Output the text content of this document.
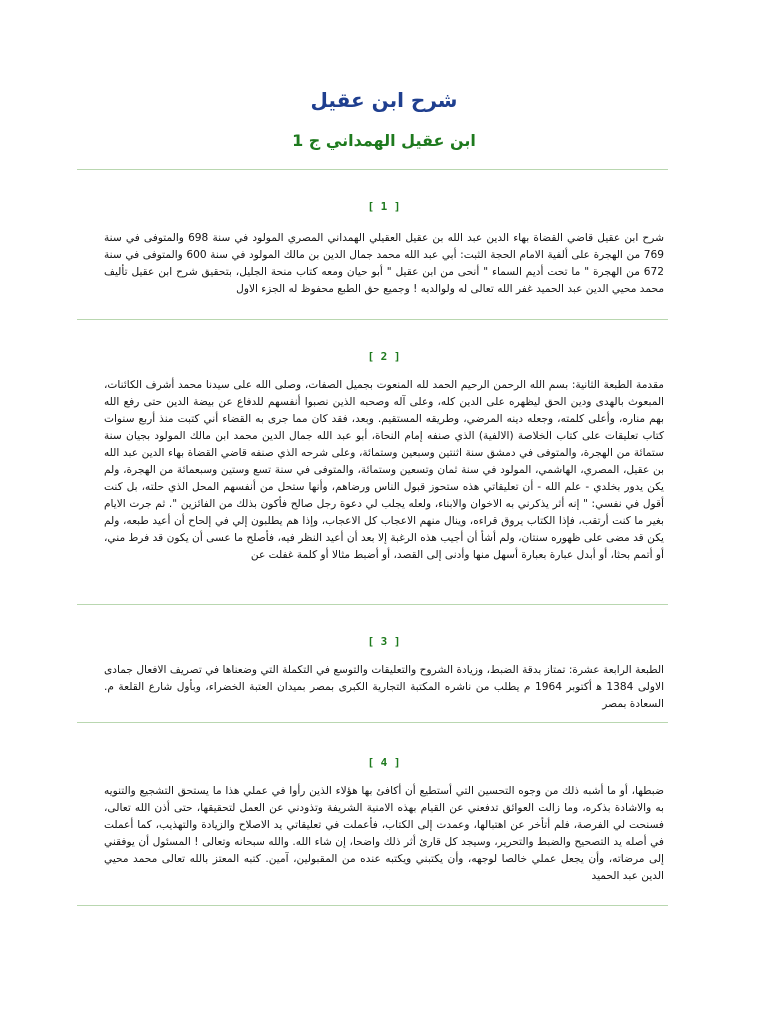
شرح ابن عقيل
ابن عقيل الهمداني ج 1
[ 1 ]
شرح ابن عقيل قاضي القضاة بهاء الدين عبد الله بن عقيل العقيلي الهمداني المصري المولود في سنة 698 والمتوفى في سنة 769 من الهجرة على ألفية الامام الحجة الثبت: أبي عبد الله محمد جمال الدين بن مالك المولود في سنة 600 والمتوفى في سنة 672 من الهجرة " ما تحت أديم السماء " أنحى من ابن عقيل " أبو حيان ومعه كتاب منحة الجليل، بتحقيق شرح ابن عقيل تأليف محمد محيي الدين عبد الحميد غفر الله تعالى له ولوالديه ! وجميع حق الطبع محفوظ له الجزء الاول
[ 2 ]
مقدمة الطبعة الثانية: بسم الله الرحمن الرحيم الحمد لله المنعوت بجميل الصفات، وصلى الله على سيدنا محمد أشرف الكائنات، المبعوث بالهدى ودين الحق ليظهره على الدين كله، وعلى آله وصحبه الذين نصبوا أنفسهم للدفاع عن بيضة الدين حتى رفع الله بهم مناره، وأعلى كلمته، وجعله دينه المرضي، وطريقه المستقيم. وبعد، فقد كان مما جرى به القضاء أني كتبت منذ أربع سنوات كتاب تعليقات على كتاب الخلاصة (الالفية) الذي صنفه إمام النحاة، أبو عبد الله جمال الدين محمد ابن مالك المولود بجيان سنة ستمائة من الهجرة، والمتوفى في دمشق سنة اثنتين وسبعين وستمائة، وعلى شرحه الذي صنفه قاضي القضاة بهاء الدين عبد الله بن عقيل، المصري، الهاشمي، المولود في سنة ثمان وتسعين وستمائة، والمتوفى في سنة تسع وستين وسبعمائة من الهجرة، ولم يكن يدور بخلدي - علم الله - أن تعليقاتي هذه ستحوز قبول الناس ورضاهم، وأنها ستحل من أنفسهم المحل الذي حلته، بل كنت أقول في نفسي: " إنه أثر يذكرني به الاخوان والابناء، ولعله يجلب لي دعوة رجل صالح فأكون بذلك من الفائزين ". ثم جرت الايام بغير ما كنت أرتقب، فإذا الكتاب يروق قراءه، وينال منهم الاعجاب كل الاعجاب، وإذا هم يطلبون إلي في إلحاح أن أعيد طبعه، ولم يكن قد مضى على ظهوره سنتان، ولم أشأ أن أجيب هذه الرغبة إلا بعد أن أعيد النظر فيه، فأصلح ما عسى أن يكون قد فرط مني، أو أتمم بحثا، أو أبدل عبارة بعبارة أسهل منها وأدنى إلى القصد، أو أضبط مثالا أو كلمة غفلت عن
[ 3 ]
الطبعة الرابعة عشرة: تمتاز بدقة الضبط، وزيادة الشروح والتعليقات والتوسع في التكملة التي وضعناها في تصريف الافعال جمادى الاولى 1384 ه‍ أكتوبر 1964 م يطلب من ناشره المكتبة التجارية الكبرى بمصر بميدان العتبة الخضراء، وبأول شارع القلعة م. السعادة بمصر
[ 4 ]
ضبطها، أو ما أشبه ذلك من وجوه التحسين التي أستطيع أن أكافئ بها هؤلاء الذين رأوا في عملي هذا ما يستحق التشجيع والتنويه به والاشادة بذكره، وما زالت العوائق تدفعني عن القيام بهذه الامنية الشريفة وتذودني عن العمل لتحقيقها، حتى أذن الله تعالى، فسنحت لي الفرصة، فلم أتأخر عن اهتبالها، وعمدت إلى الكتاب، فأعملت في تعليقاتي يد الاصلاح والزيادة والتهذيب، كما أعملت في أصله يد التصحيح والضبط والتحرير، وسيجد كل قارئ أثر ذلك واضحا، إن شاء الله. والله سبحانه وتعالى ! المسئول أن يوفقني إلى مرضاته، وأن يجعل عملي خالصا لوجهه، وأن يكتبني ويكتبه عنده من المقبولين، آمين. كتبه المعتز بالله تعالى محمد محيي الدين عبد الحميد
